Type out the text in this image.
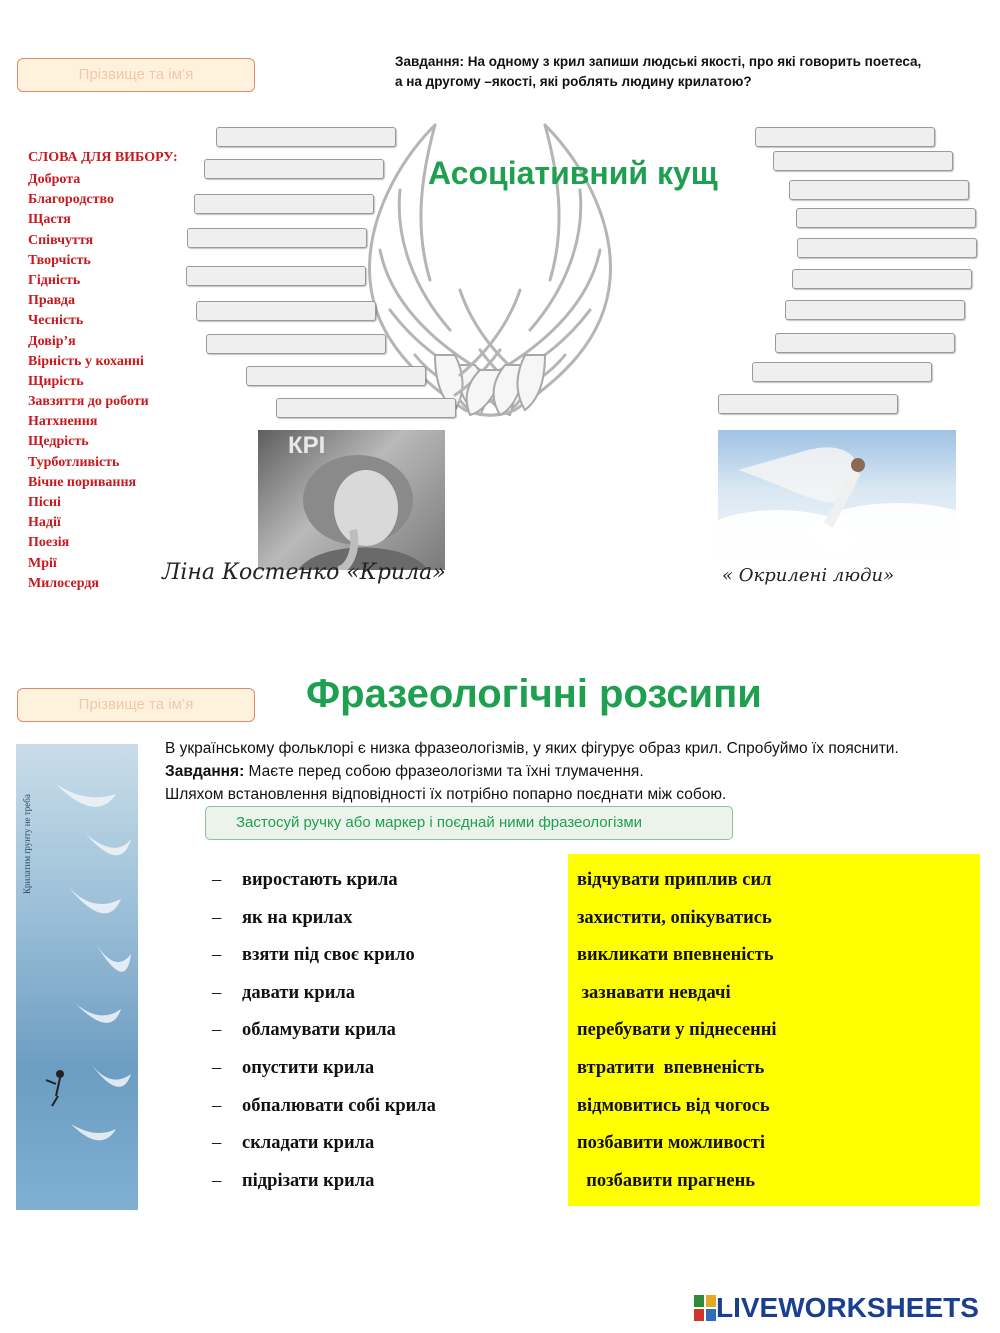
Прізвище та ім’я
Завдання: На одному з крил запиши людські якості, про які говорить поетеса,
а на другому –якості, які роблять людину крилатою?
СЛОВА ДЛЯ ВИБОРУ:
Доброта
Благородство
Щастя
Співчуття
Творчість
Гідність
Правда
Чесність
Довір’я
Вірність у коханні
Щирість
Завзяття до роботи
Натхнення
Щедрість
Турботливість
Вічне поривання
Пісні
Надії
Поезія
Мрії
Милосердя
Асоціативний кущ
КРІ
Ліна Костенко «Крила»	« Окрилені люди»
Прізвище та ім’я	Фразеологічні розсипи
Крилатим ґрунту не треба
В українському фольклорі є низка фразеологізмів, у яких фігурує образ крил. Спробуймо їх пояснити.
Завдання: Маєте перед собою фразеологізми та їхні тлумачення.
Шляхом встановлення відповідності їх потрібно попарно поєднати між собою.
Застосуй ручку або маркер і поєднай ними фразеологізми
– виростають крила
– як на крилах
– взяти під своє крило
– давати крила
– обламувати крила
– опустити крила
– обпалювати собі крила
– складати крила
– підрізати крила
відчувати приплив сил
захистити, опікуватись
викликати впевненість
зазнавати невдачі
перебувати у піднесенні
втратити  впевненість
відмовитись від чогось
позбавити можливості
позбавити прагнень
LIVEWORKSHEETS
